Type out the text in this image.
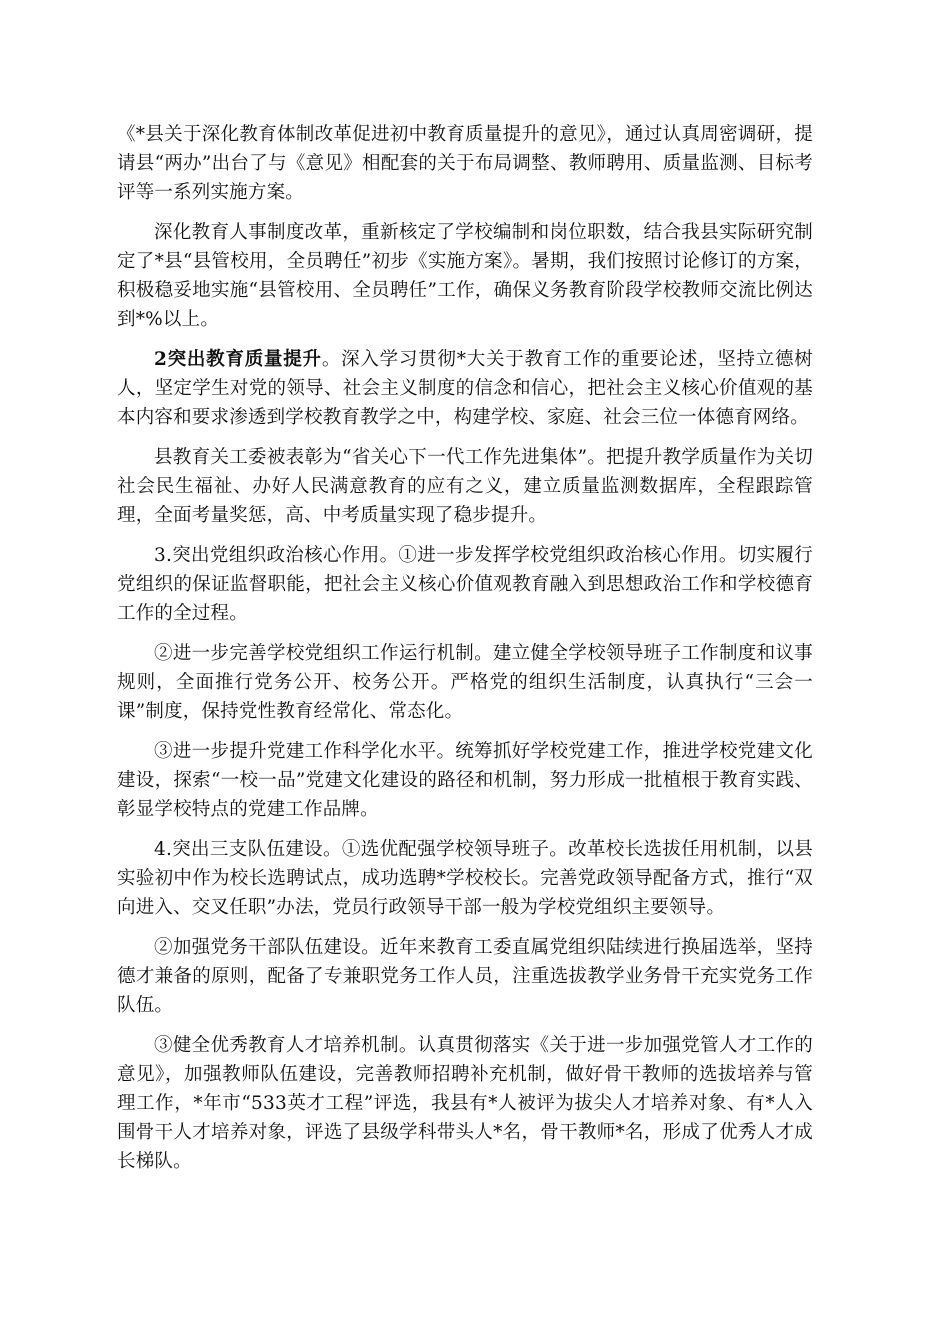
《*县关于深化教育体制改革促进初中教育质量提升的意见》，通过认真周密调研，提请县“两办”出台了与《意见》相配套的关于布局调整、教师聘用、质量监测、目标考评等一系列实施方案。

深化教育人事制度改革，重新核定了学校编制和岗位职数，结合我县实际研究制定了*县“县管校用，全员聘任”初步《实施方案》。暑期，我们按照讨论修订的方案，积极稳妥地实施“县管校用、全员聘任”工作，确保义务教育阶段学校教师交流比例达到*%以上。

2突出教育质量提升。深入学习贯彻*大关于教育工作的重要论述，坚持立德树人，坚定学生对党的领导、社会主义制度的信念和信心，把社会主义核心价值观的基本内容和要求渗透到学校教育教学之中，构建学校、家庭、社会三位一体德育网络。

县教育关工委被表彰为“省关心下一代工作先进集体”。把提升教学质量作为关切社会民生福祉、办好人民满意教育的应有之义，建立质量监测数据库，全程跟踪管理，全面考量奖惩，高、中考质量实现了稳步提升。

3.突出党组织政治核心作用。①进一步发挥学校党组织政治核心作用。切实履行党组织的保证监督职能，把社会主义核心价值观教育融入到思想政治工作和学校德育工作的全过程。

②进一步完善学校党组织工作运行机制。建立健全学校领导班子工作制度和议事规则，全面推行党务公开、校务公开。严格党的组织生活制度，认真执行“三会一课”制度，保持党性教育经常化、常态化。

③进一步提升党建工作科学化水平。统筹抓好学校党建工作，推进学校党建文化建设，探索“一校一品”党建文化建设的路径和机制，努力形成一批植根于教育实践、彰显学校特点的党建工作品牌。

4.突出三支队伍建设。①选优配强学校领导班子。改革校长选拔任用机制，以县实验初中作为校长选聘试点，成功选聘*学校校长。完善党政领导配备方式，推行“双向进入、交叉任职”办法，党员行政领导干部一般为学校党组织主要领导。

②加强党务干部队伍建设。近年来教育工委直属党组织陆续进行换届选举，坚持德才兼备的原则，配备了专兼职党务工作人员，注重选拔教学业务骨干充实党务工作队伍。

③健全优秀教育人才培养机制。认真贯彻落实《关于进一步加强党管人才工作的意见》，加强教师队伍建设，完善教师招聘补充机制，做好骨干教师的选拔培养与管理工作，*年市“533英才工程”评选，我县有*人被评为拔尖人才培养对象、有*人入围骨干人才培养对象，评选了县级学科带头人*名，骨干教师*名，形成了优秀人才成长梯队。
